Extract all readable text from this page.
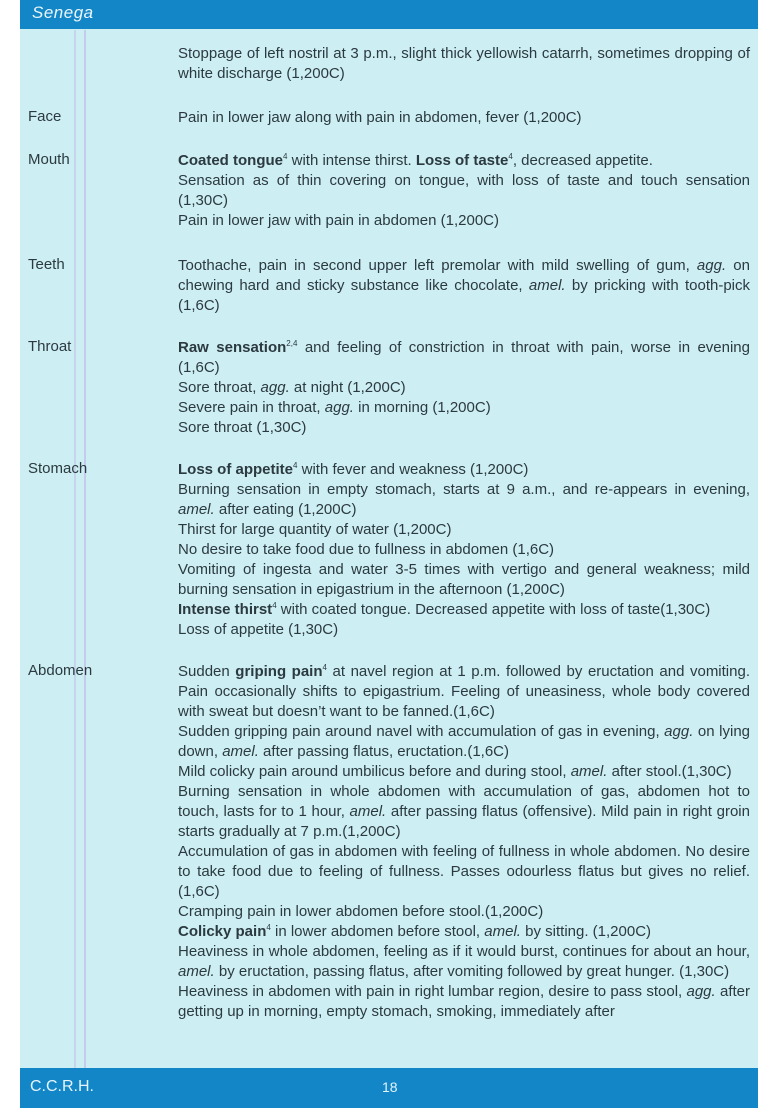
Senega
Stoppage of left nostril at 3 p.m., slight thick yellowish catarrh, sometimes dropping of white discharge (1,200C)
Face	Pain in lower jaw along with pain in abdomen, fever (1,200C)
Mouth	Coated tongue$^4$ with intense thirst. Loss of taste$^4$, decreased appetite.
Sensation as of thin covering on tongue, with loss of taste and touch sensation (1,30C)
Pain in lower jaw with pain in abdomen (1,200C)
Teeth	Toothache, pain in second upper left premolar with mild swelling of gum, agg. on chewing hard and sticky substance like chocolate, amel. by pricking with tooth-pick (1,6C)
Throat	Raw sensation$^{2,4}$ and feeling of constriction in throat with pain, worse in evening (1,6C)
Sore throat, agg. at night (1,200C)
Severe pain in throat, agg. in morning (1,200C)
Sore throat (1,30C)
Stomach	Loss of appetite$^4$ with fever and weakness (1,200C)
Burning sensation in empty stomach, starts at 9 a.m., and re-appears in evening, amel. after eating (1,200C)
Thirst for large quantity of water (1,200C)
No desire to take food due to fullness in abdomen (1,6C)
Vomiting of ingesta and water 3-5 times with vertigo and general weakness; mild burning sensation in epigastrium in the afternoon (1,200C)
Intense thirst$^4$ with coated tongue. Decreased appetite with loss of taste(1,30C)
Loss of appetite (1,30C)
Abdomen	Sudden griping pain$^4$ at navel region at 1 p.m. followed by eructation and vomiting. Pain occasionally shifts to epigastrium. Feeling of uneasiness, whole body covered with sweat but doesn’t want to be fanned.(1,6C)
Sudden gripping pain around navel with accumulation of gas in evening, agg. on lying down, amel. after passing flatus, eructation.(1,6C)
Mild colicky pain around umbilicus before and during stool, amel. after stool.(1,30C)
Burning sensation in whole abdomen with accumulation of gas, abdomen hot to touch, lasts for to 1 hour, amel. after passing flatus (offensive). Mild pain in right groin starts gradually at 7 p.m.(1,200C)
Accumulation of gas in abdomen with feeling of fullness in whole abdomen. No desire to take food due to feeling of fullness. Passes odourless flatus but gives no relief.(1,6C)
Cramping pain in lower abdomen before stool.(1,200C)
Colicky pain$^4$ in lower abdomen before stool, amel. by sitting. (1,200C)
Heaviness in whole abdomen, feeling as if it would burst, continues for about an hour, amel. by eructation, passing flatus, after vomiting followed by great hunger. (1,30C)
Heaviness in abdomen with pain in right lumbar region, desire to pass stool, agg. after getting up in morning, empty stomach, smoking, immediately after
C.C.R.H.	18
